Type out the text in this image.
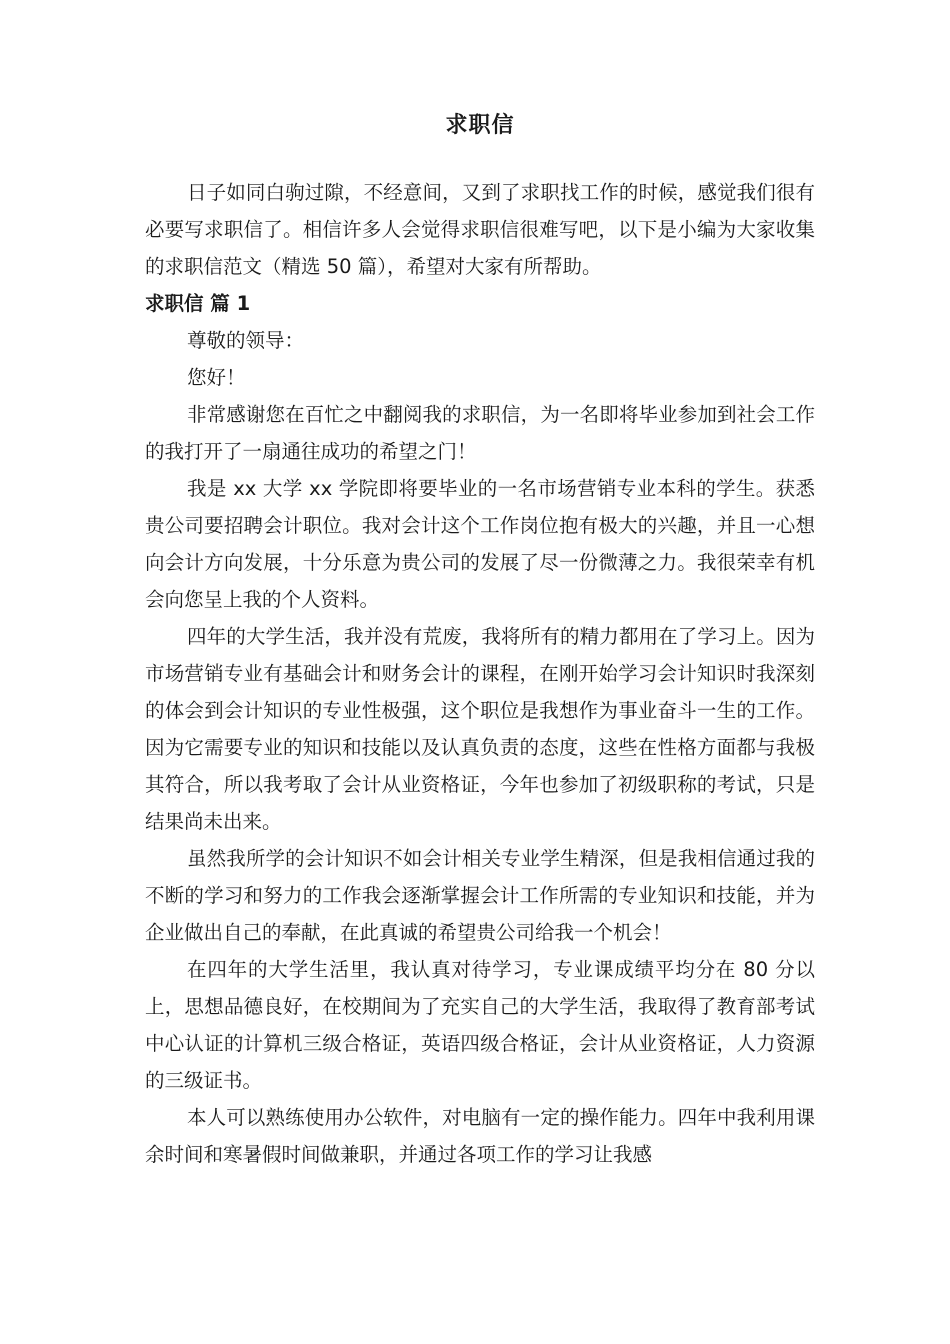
求职信

日子如同白驹过隙，不经意间，又到了求职找工作的时候，感觉我们很有必要写求职信了。相信许多人会觉得求职信很难写吧，以下是小编为大家收集的求职信范文（精选 50 篇），希望对大家有所帮助。

求职信 篇 1

尊敬的领导：

您好！

非常感谢您在百忙之中翻阅我的求职信，为一名即将毕业参加到社会工作的我打开了一扇通往成功的希望之门！

我是 xx 大学 xx 学院即将要毕业的一名市场营销专业本科的学生。获悉贵公司要招聘会计职位。我对会计这个工作岗位抱有极大的兴趣，并且一心想向会计方向发展，十分乐意为贵公司的发展了尽一份微薄之力。我很荣幸有机会向您呈上我的个人资料。

四年的大学生活，我并没有荒废，我将所有的精力都用在了学习上。因为市场营销专业有基础会计和财务会计的课程，在刚开始学习会计知识时我深刻的体会到会计知识的专业性极强，这个职位是我想作为事业奋斗一生的工作。因为它需要专业的知识和技能以及认真负责的态度，这些在性格方面都与我极其符合，所以我考取了会计从业资格证，今年也参加了初级职称的考试，只是结果尚未出来。

虽然我所学的会计知识不如会计相关专业学生精深，但是我相信通过我的不断的学习和努力的工作我会逐渐掌握会计工作所需的专业知识和技能，并为企业做出自己的奉献，在此真诚的希望贵公司给我一个机会！

在四年的大学生活里，我认真对待学习，专业课成绩平均分在 80 分以上，思想品德良好，在校期间为了充实自己的大学生活，我取得了教育部考试中心认证的计算机三级合格证，英语四级合格证，会计从业资格证，人力资源的三级证书。

本人可以熟练使用办公软件，对电脑有一定的操作能力。四年中我利用课余时间和寒暑假时间做兼职，并通过各项工作的学习让我感
